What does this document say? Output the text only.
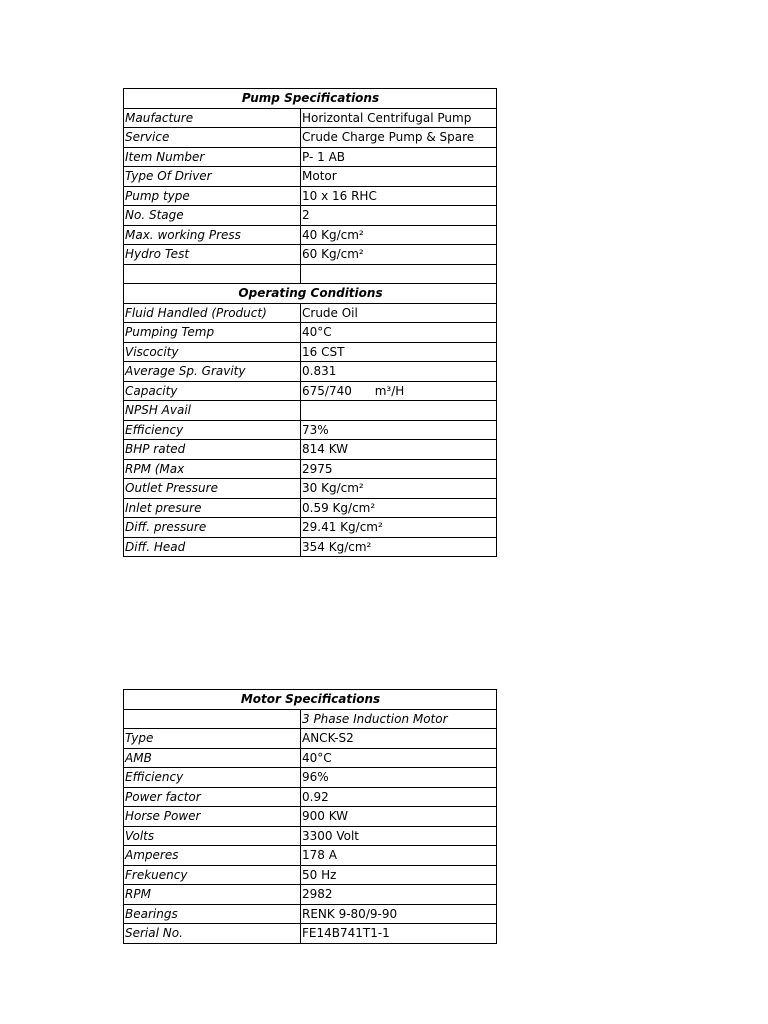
Pump Specifications	
Maufacture	Horizontal Centrifugal Pump
Service	Crude Charge Pump & Spare
Item Number	P- 1 AB
Type Of Driver	Motor
Pump type	10 x 16 RHC
No. Stage	2
Max. working Press	40 Kg/cm²
Hydro Test	60 Kg/cm²

Operating Conditions	
Fluid Handled (Product)	Crude Oil
Pumping Temp	40°C
Viscocity	16 CST
Average Sp. Gravity	0.831
Capacity	675/740      m³/H
NPSH Avail	
Efficiency	73%
BHP rated	814 KW
RPM (Max	2975
Outlet Pressure	30 Kg/cm²
Inlet presure	0.59 Kg/cm²
Diff. pressure	29.41 Kg/cm²
Diff. Head	354 Kg/cm²
Motor Specifications	
	3 Phase Induction Motor
Type	ANCK-S2
AMB	40°C
Efficiency	96%
Power factor	0.92
Horse Power	900 KW
Volts	3300 Volt
Amperes	178 A
Frekuency	50 Hz
RPM	2982
Bearings	RENK 9-80/9-90
Serial No.	FE14B741T1-1
